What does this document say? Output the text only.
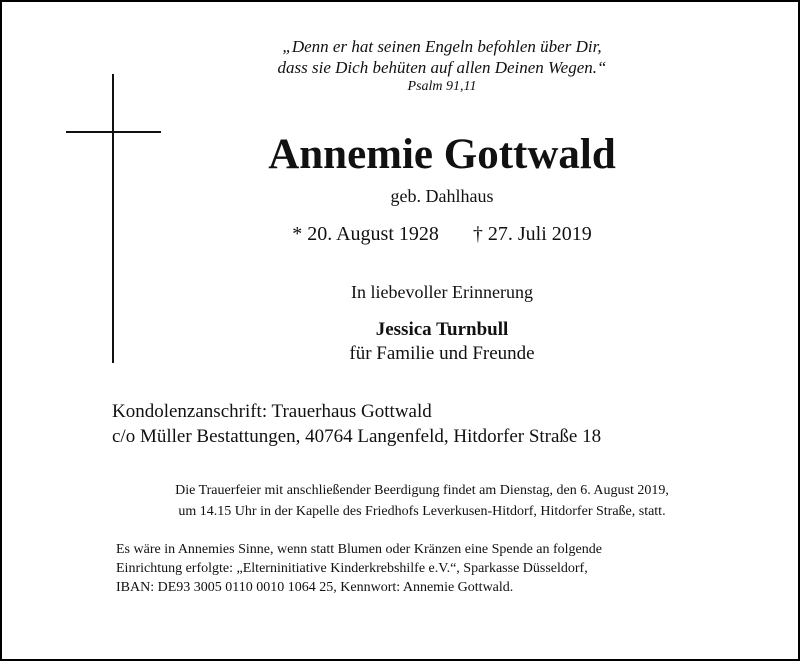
„Denn er hat seinen Engeln befohlen über Dir,
dass sie Dich behüten auf allen Deinen Wegen.“
Psalm 91,11
Annemie Gottwald
geb. Dahlhaus
* 20. August 1928 † 27. Juli 2019
In liebevoller Erinnerung
Jessica Turnbull
für Familie und Freunde
Kondolenzanschrift: Trauerhaus Gottwald
c/o Müller Bestattungen, 40764 Langenfeld, Hitdorfer Straße 18
Die Trauerfeier mit anschließender Beerdigung findet am Dienstag, den 6. August 2019,
um 14.15 Uhr in der Kapelle des Friedhofs Leverkusen-Hitdorf, Hitdorfer Straße, statt.
Es wäre in Annemies Sinne, wenn statt Blumen oder Kränzen eine Spende an folgende
Einrichtung erfolgte: „Elterninitiative Kinderkrebshilfe e.V.“, Sparkasse Düsseldorf,
IBAN: DE93 3005 0110 0010 1064 25, Kennwort: Annemie Gottwald.
